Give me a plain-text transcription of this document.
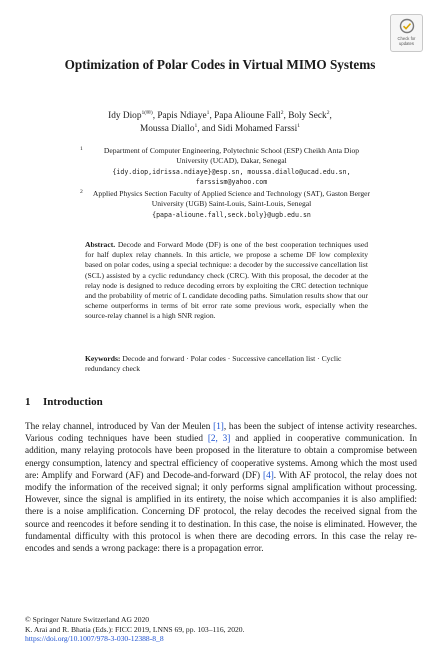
Check for updates
Optimization of Polar Codes in Virtual MIMO Systems
Idy Diop$^{1(✉)}$, Papis Ndiaye$^1$, Papa Alioune Fall$^2$, Boly Seck$^2$,
Moussa Diallo$^1$, and Sidi Mohamed Farssi$^1$
1	Department of Computer Engineering, Polytechnic School (ESP) Cheikh Anta Diop University (UCAD), Dakar, Senegal
{idy.diop,idrissa.ndiaye}@esp.sn, moussa.diallo@ucad.edu.sn, farssism@yahoo.com
2	Applied Physics Section Faculty of Applied Science and Technology (SAT), Gaston Berger University (UGB) Saint-Louis, Saint-Louis, Senegal
{papa-alioune.fall,seck.boly}@ugb.edu.sn
Abstract. Decode and Forward Mode (DF) is one of the best cooperation techniques used for half duplex relay channels. In this article, we propose a scheme DF low complexity based on polar codes, using a special technique: a decoder by the successive cancellation list (SCL) assisted by a cyclic redundancy check (CRC). With this proposal, the decoder at the relay node is designed to reduce decoding errors by exploiting the CRC detection technique and the probability of metric of L candidate decoding paths. Simulation results show that our scheme outperforms in terms of bit error rate some previous work, especially when the source-relay channel is a high SNR region.
Keywords: Decode and forward · Polar codes · Successive cancellation list · Cyclic redundancy check
1 Introduction
The relay channel, introduced by Van der Meulen [1], has been the subject of intense activity researches. Various coding techniques have been studied [2, 3] and applied in cooperative communication. In addition, many relaying protocols have been proposed in the literature to obtain a compromise between energy consumption, latency and spectral efficiency of cooperative systems. Among which the most used are: Amplify and Forward (AF) and Decode-and-forward (DF) [4]. With AF protocol, the relay does not modify the information of the received signal; it only performs signal amplification without processing. However, since the signal is amplified in its entirety, the noise which accompanies it is also amplified: there is a noise amplification. Concerning DF protocol, the relay decodes the received signal from the source and reencodes it before sending it to destination. In this case, the noise is eliminated. However, the fundamental difficulty with this protocol is when there are decoding errors. In this case the relay re-encodes and sends a wrong package: there is a propagation error.
© Springer Nature Switzerland AG 2020
K. Arai and R. Bhatia (Eds.): FICC 2019, LNNS 69, pp. 103–116, 2020.
https://doi.org/10.1007/978-3-030-12388-8_8
